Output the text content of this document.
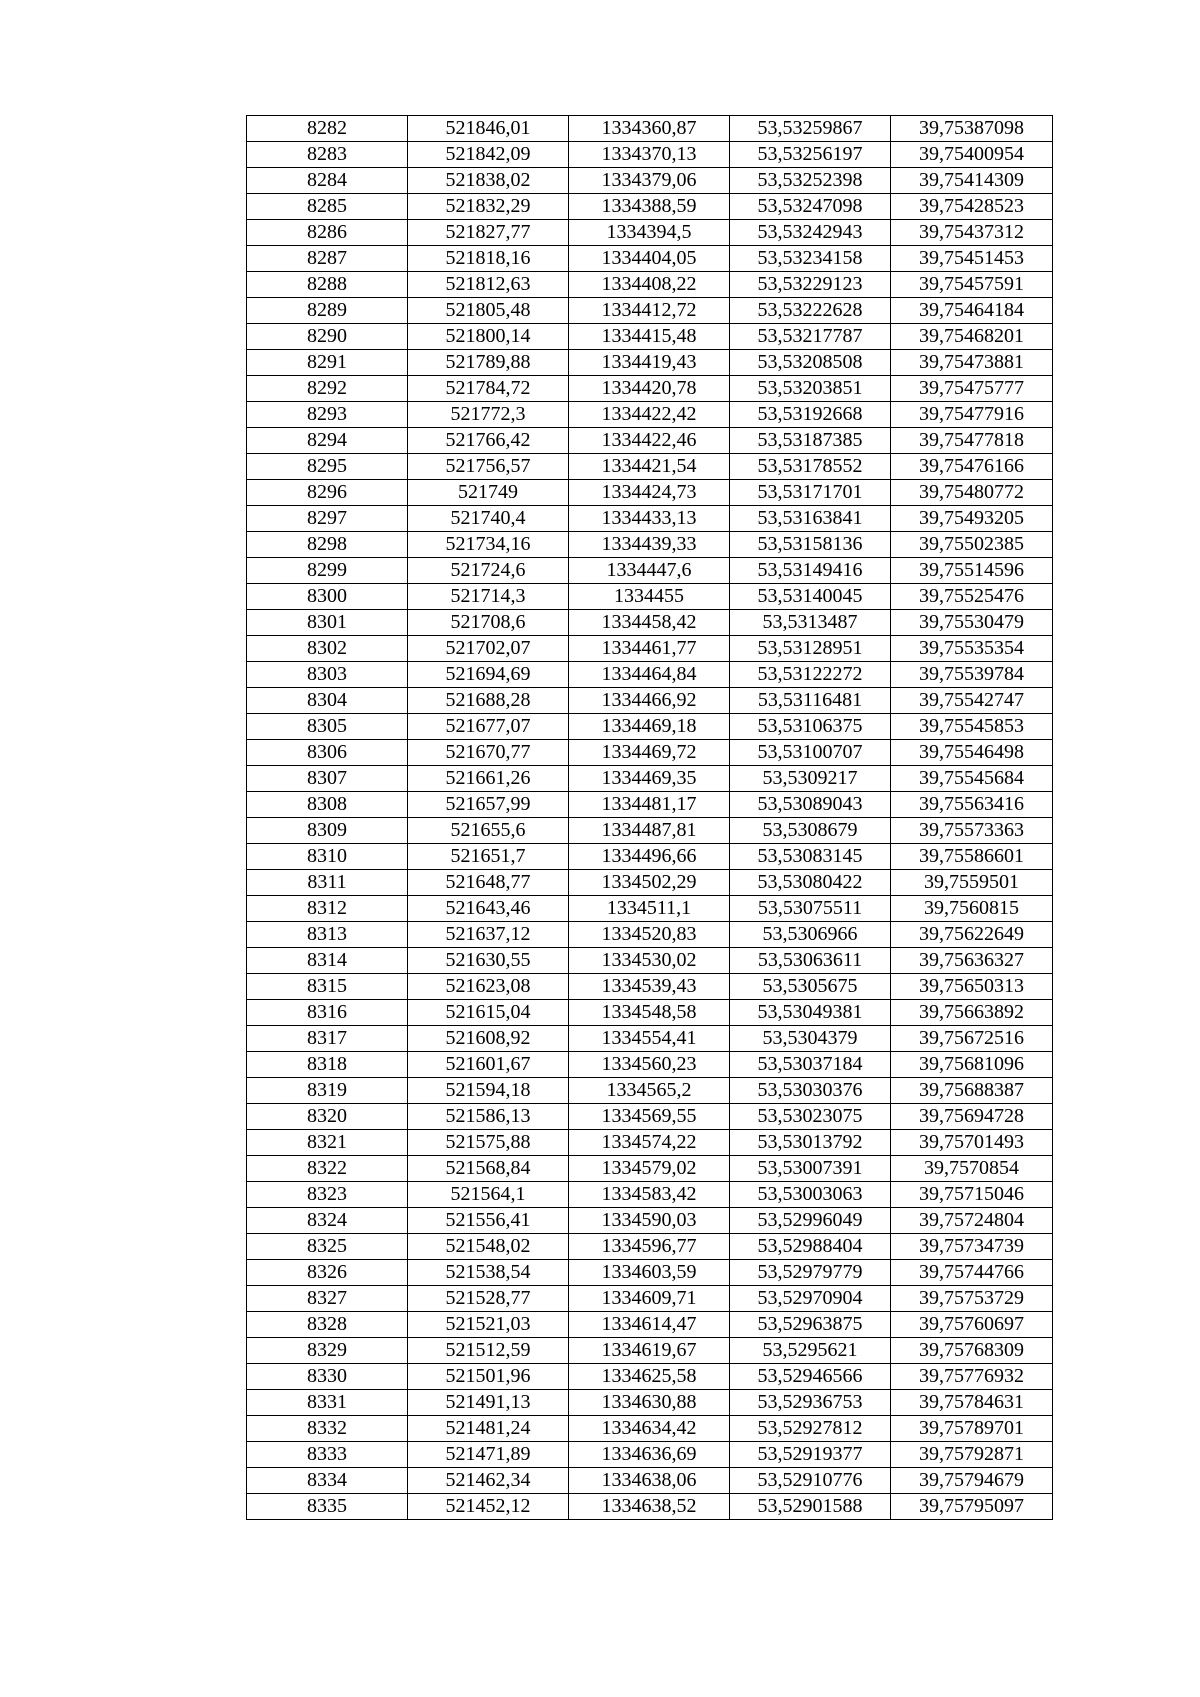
8282	521846,01	1334360,87	53,53259867	39,75387098
8283	521842,09	1334370,13	53,53256197	39,75400954
8284	521838,02	1334379,06	53,53252398	39,75414309
8285	521832,29	1334388,59	53,53247098	39,75428523
8286	521827,77	1334394,5	53,53242943	39,75437312
8287	521818,16	1334404,05	53,53234158	39,75451453
8288	521812,63	1334408,22	53,53229123	39,75457591
8289	521805,48	1334412,72	53,53222628	39,75464184
8290	521800,14	1334415,48	53,53217787	39,75468201
8291	521789,88	1334419,43	53,53208508	39,75473881
8292	521784,72	1334420,78	53,53203851	39,75475777
8293	521772,3	1334422,42	53,53192668	39,75477916
8294	521766,42	1334422,46	53,53187385	39,75477818
8295	521756,57	1334421,54	53,53178552	39,75476166
8296	521749	1334424,73	53,53171701	39,75480772
8297	521740,4	1334433,13	53,53163841	39,75493205
8298	521734,16	1334439,33	53,53158136	39,75502385
8299	521724,6	1334447,6	53,53149416	39,75514596
8300	521714,3	1334455	53,53140045	39,75525476
8301	521708,6	1334458,42	53,5313487	39,75530479
8302	521702,07	1334461,77	53,53128951	39,75535354
8303	521694,69	1334464,84	53,53122272	39,75539784
8304	521688,28	1334466,92	53,53116481	39,75542747
8305	521677,07	1334469,18	53,53106375	39,75545853
8306	521670,77	1334469,72	53,53100707	39,75546498
8307	521661,26	1334469,35	53,5309217	39,75545684
8308	521657,99	1334481,17	53,53089043	39,75563416
8309	521655,6	1334487,81	53,5308679	39,75573363
8310	521651,7	1334496,66	53,53083145	39,75586601
8311	521648,77	1334502,29	53,53080422	39,7559501
8312	521643,46	1334511,1	53,53075511	39,7560815
8313	521637,12	1334520,83	53,5306966	39,75622649
8314	521630,55	1334530,02	53,53063611	39,75636327
8315	521623,08	1334539,43	53,5305675	39,75650313
8316	521615,04	1334548,58	53,53049381	39,75663892
8317	521608,92	1334554,41	53,5304379	39,75672516
8318	521601,67	1334560,23	53,53037184	39,75681096
8319	521594,18	1334565,2	53,53030376	39,75688387
8320	521586,13	1334569,55	53,53023075	39,75694728
8321	521575,88	1334574,22	53,53013792	39,75701493
8322	521568,84	1334579,02	53,53007391	39,7570854
8323	521564,1	1334583,42	53,53003063	39,75715046
8324	521556,41	1334590,03	53,52996049	39,75724804
8325	521548,02	1334596,77	53,52988404	39,75734739
8326	521538,54	1334603,59	53,52979779	39,75744766
8327	521528,77	1334609,71	53,52970904	39,75753729
8328	521521,03	1334614,47	53,52963875	39,75760697
8329	521512,59	1334619,67	53,5295621	39,75768309
8330	521501,96	1334625,58	53,52946566	39,75776932
8331	521491,13	1334630,88	53,52936753	39,75784631
8332	521481,24	1334634,42	53,52927812	39,75789701
8333	521471,89	1334636,69	53,52919377	39,75792871
8334	521462,34	1334638,06	53,52910776	39,75794679
8335	521452,12	1334638,52	53,52901588	39,75795097
